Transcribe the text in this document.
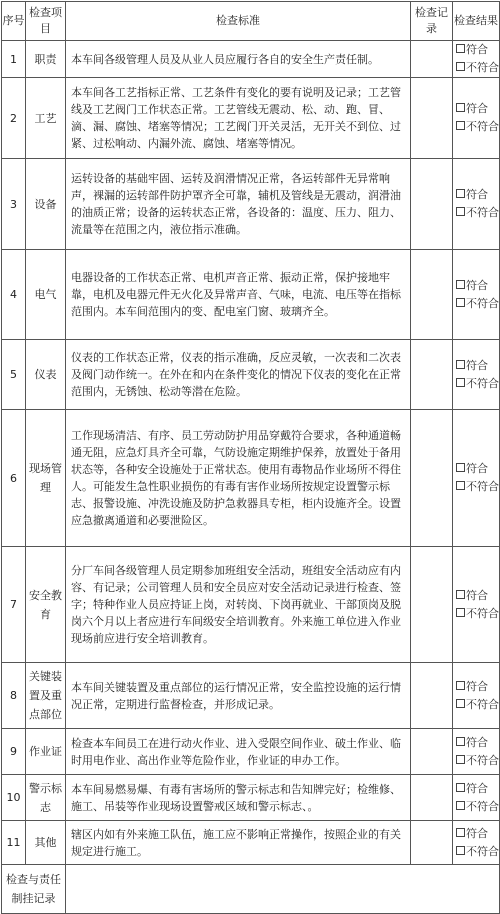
序号	检查项目	检查标准	检查记录	检查结果
1	职责	本车间各级管理人员及从业人员应履行各自的安全生产责任制。		符合
不符合

2	工艺	本车间各工艺指标正常、工艺条件有变化的要有说明及记录；工艺管线及工艺阀门工作状态正常。工艺管线无震动、松、动、跑、冒、滴、漏、腐蚀、堵塞等情况；工艺阀门开关灵活，无开关不到位、过紧、过松响动、内漏外流、腐蚀、堵塞等情况。		符合
不符合

3	设备	运转设备的基础牢固、运转及润滑情况正常，各运转部件无异常响声，裸漏的运转部件防护罩齐全可靠，辅机及管线是无震动，润滑油的油质正常；设备的运转状态正常，各设备的：温度、压力、阻力、流量等在范围之内，液位指示准确。		符合
不符合

4	电气	电器设备的工作状态正常、电机声音正常、振动正常，保护接地牢靠，电机及电器元件无火化及异常声音、气味，电流、电压等在指标范围内。本车间范围内的变、配电室门窗、玻璃齐全。		符合
不符合

5	仪表	仪表的工作状态正常，仪表的指示准确，反应灵敏，一次表和二次表及阀门动作统一。在外在和内在条件变化的情况下仪表的变化在正常范围内，无锈蚀、松动等潜在危险。		符合
不符合

6	现场管理	工作现场清洁、有序、员工劳动防护用品穿戴符合要求，各种通道畅通无阻，应急灯具齐全可靠，气防设施定期维护保养，放置处于备用状态等，各种安全设施处于正常状态。使用有毒物品作业场所不得住人。可能发生急性职业损伤的有毒有害作业场所按规定设置警示标志、报警设施、冲洗设施及防护急救器具专柜，柜内设施齐全。设置应急撤离通道和必要泄险区。		符合
不符合

7	安全教育	分厂车间各级管理人员定期参加班组安全活动，班组安全活动应有内容、有记录；公司管理人员和安全员应对安全活动记录进行检查、签字；特种作业人员应持证上岗，对转岗、下岗再就业、干部顶岗及脱岗六个月以上者应进行车间级安全培训教育。外来施工单位进入作业现场前应进行安全培训教育。		符合
不符合

8	关键装置及重点部位	本车间关键装置及重点部位的运行情况正常，安全监控设施的运行情况正常，定期进行监督检查，并形成记录。		符合
不符合

9	作业证	检查本车间员工在进行动火作业、进入受限空间作业、破土作业、临时用电作业、高出作业等危险作业，作业证的申办工作。		符合
不符合

10	警示标志	本车间易燃易爆、有毒有害场所的警示标志和告知牌完好；检维修、施工、吊装等作业现场设置警戒区域和警示标志、。		符合
不符合

11	其他	辖区内如有外来施工队伍，施工应不影响正常操作，按照企业的有关规定进行施工。		符合
不符合

检查与责任制挂记录				
